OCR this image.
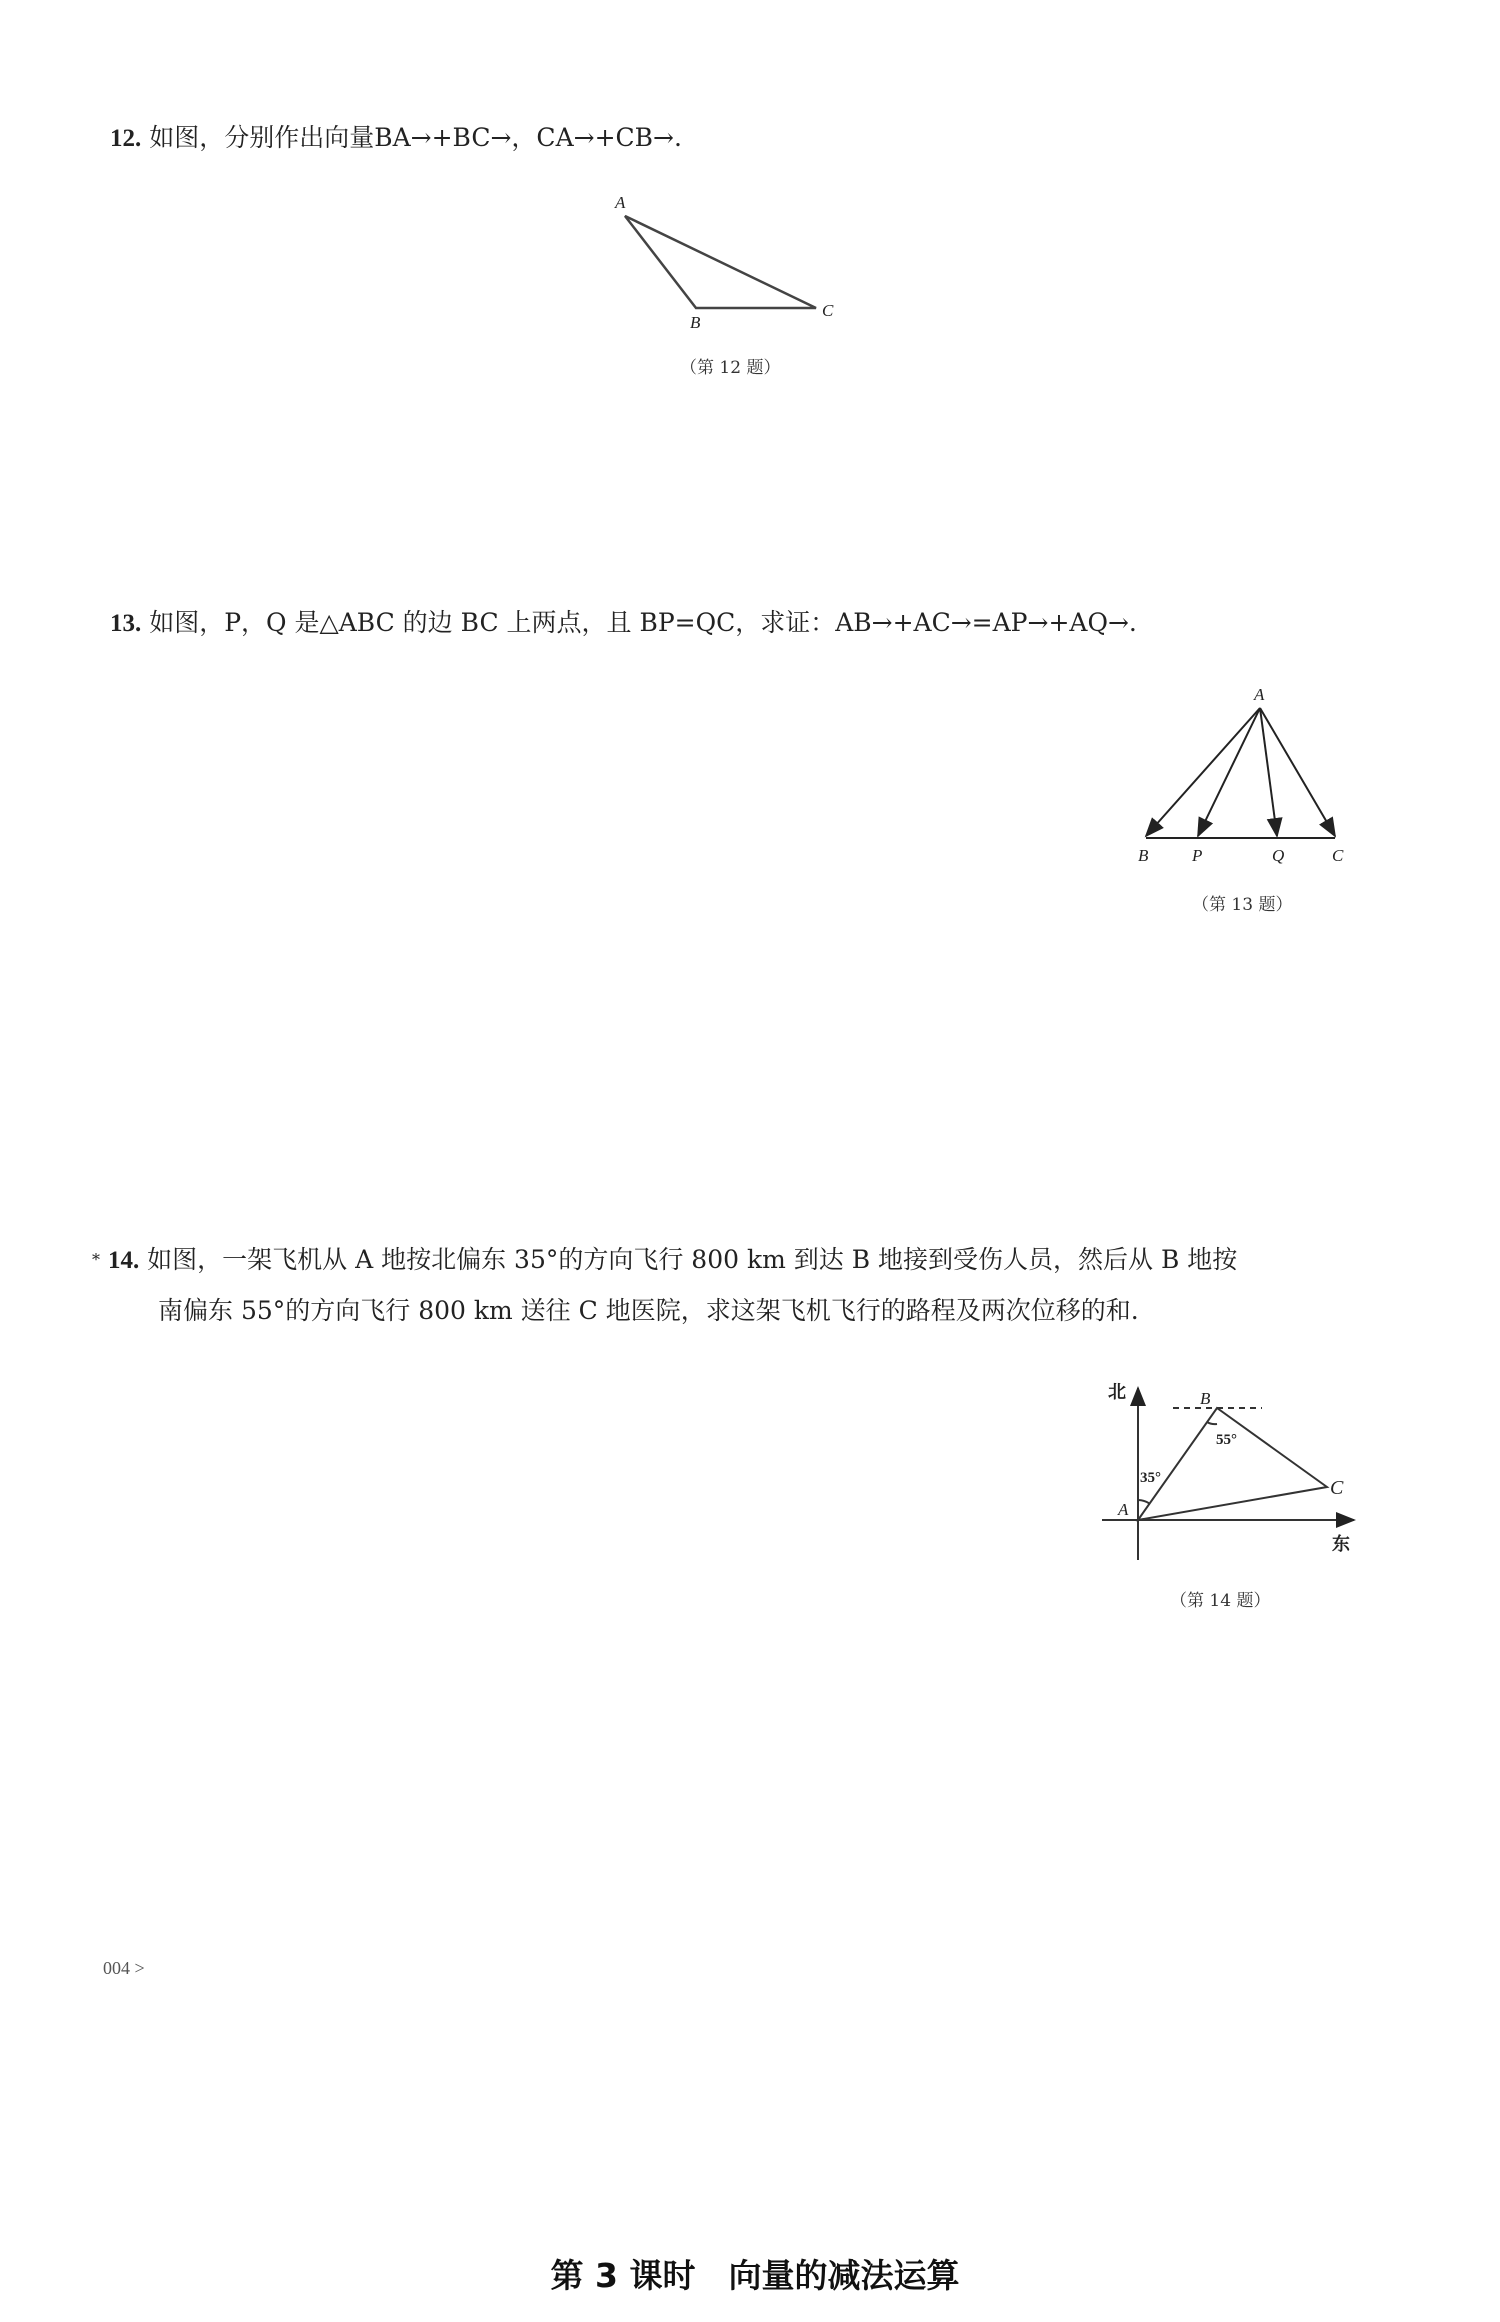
12. 如图，分别作出向量BA→+BC→，CA→+CB→.
（第 12 题）
13. 如图，P，Q 是△ABC 的边 BC 上两点，且 BP=QC，求证：AB→+AC→=AP→+AQ→.
（第 13 题）
* 14. 如图，一架飞机从 A 地按北偏东 35°的方向飞行 800 km 到达 B 地接到受伤人员，然后从 B 地按
南偏东 55°的方向飞行 800 km 送往 C 地医院，求这架飞机飞行的路程及两次位移的和.
（第 14 题）
A
B
C
A
B	P	Q	C
北
东
A
B
C
35°
55°
004 >
第 3 课时　向量的减法运算
